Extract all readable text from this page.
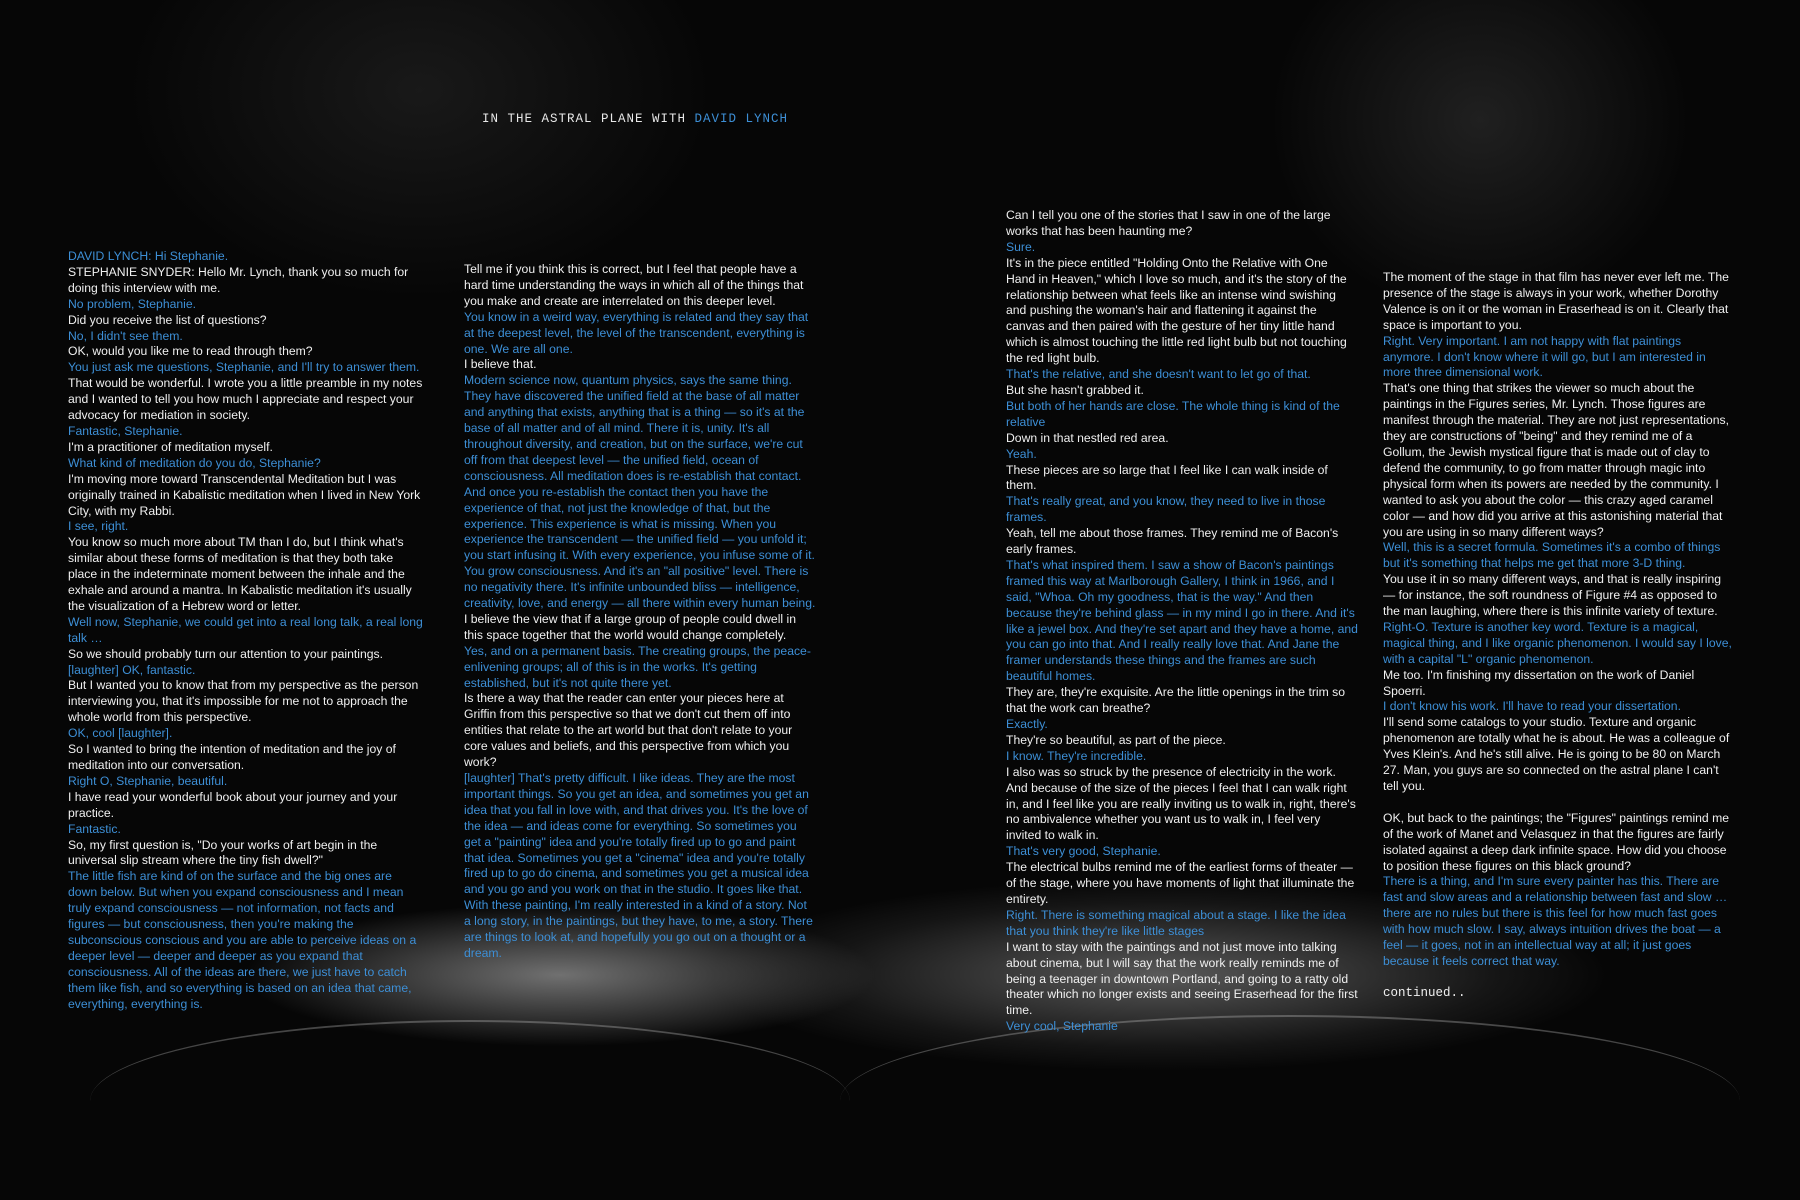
IN THE ASTRAL PLANE WITH DAVID LYNCH

DAVID LYNCH: Hi Stephanie.

STEPHANIE SNYDER: Hello Mr. Lynch, thank you so much for doing this interview with me.

No problem, Stephanie.

Did you receive the list of questions?

No, I didn't see them.

OK, would you like me to read through them?

You just ask me questions, Stephanie, and I'll try to answer them.

That would be wonderful. I wrote you a little preamble in my notes and I wanted to tell you how much I appreciate and respect your advocacy for mediation in society.

Fantastic, Stephanie.

I'm a practitioner of meditation myself.

What kind of meditation do you do, Stephanie?

I'm moving more toward Transcendental Meditation but I was originally trained in Kabalistic meditation when I lived in New York City, with my Rabbi.

I see, right.

You know so much more about TM than I do, but I think what's similar about these forms of meditation is that they both take place in the indeterminate moment between the inhale and the exhale and around a mantra. In Kabalistic meditation it's usually the visualization of a Hebrew word or letter.

Well now, Stephanie, we could get into a real long talk, a real long talk …

So we should probably turn our attention to your paintings.

[laughter] OK, fantastic.

But I wanted you to know that from my perspective as the person interviewing you, that it's impossible for me not to approach the whole world from this perspective.

OK, cool [laughter].

So I wanted to bring the intention of meditation and the joy of meditation into our conversation.

Right O, Stephanie, beautiful.

I have read your wonderful book about your journey and your practice.

Fantastic.

So, my first question is, "Do your works of art begin in the universal slip stream where the tiny fish dwell?"

The little fish are kind of on the surface and the big ones are down below. But when you expand consciousness and I mean truly expand consciousness — not information, not facts and figures — but consciousness, then you're making the subconscious conscious and you are able to perceive ideas on a deeper level — deeper and deeper as you expand that consciousness. All of the ideas are there, we just have to catch them like fish, and so everything is based on an idea that came, everything, everything is.

Tell me if you think this is correct, but I feel that people have a hard time understanding the ways in which all of the things that you make and create are interrelated on this deeper level.

You know in a weird way, everything is related and they say that at the deepest level, the level of the transcendent, everything is one. We are all one.

I believe that.

Modern science now, quantum physics, says the same thing. They have discovered the unified field at the base of all matter and anything that exists, anything that is a thing — so it's at the base of all matter and of all mind. There it is, unity. It's all throughout diversity, and creation, but on the surface, we're cut off from that deepest level — the unified field, ocean of consciousness. All meditation does is re-establish that contact. And once you re-establish the contact then you have the experience of that, not just the knowledge of that, but the experience. This experience is what is missing. When you experience the transcendent — the unified field — you unfold it; you start infusing it. With every experience, you infuse some of it. You grow consciousness. And it's an "all positive" level. There is no negativity there. It's infinite unbounded bliss — intelligence, creativity, love, and energy — all there within every human being.

I believe the view that if a large group of people could dwell in this space together that the world would change completely.

Yes, and on a permanent basis. The creating groups, the peace-enlivening groups; all of this is in the works. It's getting established, but it's not quite there yet.

Is there a way that the reader can enter your pieces here at Griffin from this perspective so that we don't cut them off into entities that relate to the art world but that don't relate to your core values and beliefs, and this perspective from which you work?

[laughter] That's pretty difficult. I like ideas. They are the most important things. So you get an idea, and sometimes you get an idea that you fall in love with, and that drives you. It's the love of the idea — and ideas come for everything. So sometimes you get a "painting" idea and you're totally fired up to go and paint that idea. Sometimes you get a "cinema" idea and you're totally fired up to go do cinema, and sometimes you get a musical idea and you go and you work on that in the studio. It goes like that. With these painting, I'm really interested in a kind of a story. Not a long story, in the paintings, but they have, to me, a story. There are things to look at, and hopefully you go out on a thought or a dream.

Can I tell you one of the stories that I saw in one of the large works that has been haunting me?

Sure.

It's in the piece entitled "Holding Onto the Relative with One Hand in Heaven," which I love so much, and it's the story of the relationship between what feels like an intense wind swishing and pushing the woman's hair and flattening it against the canvas and then paired with the gesture of her tiny little hand which is almost touching the little red light bulb but not touching the red light bulb.

That's the relative, and she doesn't want to let go of that.

But she hasn't grabbed it.

But both of her hands are close. The whole thing is kind of the relative

Down in that nestled red area.

Yeah.

These pieces are so large that I feel like I can walk inside of them.

That's really great, and you know, they need to live in those frames.

Yeah, tell me about those frames. They remind me of Bacon's early frames.

That's what inspired them. I saw a show of Bacon's paintings framed this way at Marlborough Gallery, I think in 1966, and I said, "Whoa. Oh my goodness, that is the way." And then because they're behind glass — in my mind I go in there. And it's like a jewel box. And they're set apart and they have a home, and you can go into that. And I really really love that. And Jane the framer understands these things and the frames are such beautiful homes.

They are, they're exquisite. Are the little openings in the trim so that the work can breathe?

Exactly.

They're so beautiful, as part of the piece.

I know. They're incredible.

I also was so struck by the presence of electricity in the work. And because of the size of the pieces I feel that I can walk right in, and I feel like you are really inviting us to walk in, right, there's no ambivalence whether you want us to walk in, I feel very invited to walk in.

That's very good, Stephanie.

The electrical bulbs remind me of the earliest forms of theater — of the stage, where you have moments of light that illuminate the entirety.

Right. There is something magical about a stage. I like the idea that you think they're like little stages

I want to stay with the paintings and not just move into talking about cinema, but I will say that the work really reminds me of being a teenager in downtown Portland, and going to a ratty old theater which no longer exists and seeing Eraserhead for the first time.

Very cool, Stephanie

The moment of the stage in that film has never ever left me. The presence of the stage is always in your work, whether Dorothy Valence is on it or the woman in Eraserhead is on it. Clearly that space is important to you.

Right. Very important. I am not happy with flat paintings anymore. I don't know where it will go, but I am interested in more three dimensional work.

That's one thing that strikes the viewer so much about the paintings in the Figures series, Mr. Lynch. Those figures are manifest through the material. They are not just representations, they are constructions of "being" and they remind me of a Gollum, the Jewish mystical figure that is made out of clay to defend the community, to go from matter through magic into physical form when its powers are needed by the community. I wanted to ask you about the color — this crazy aged caramel color — and how did you arrive at this astonishing material that you are using in so many different ways?

Well, this is a secret formula. Sometimes it's a combo of things but it's something that helps me get that more 3-D thing.

You use it in so many different ways, and that is really inspiring — for instance, the soft roundness of Figure #4 as opposed to the man laughing, where there is this infinite variety of texture.

Right-O. Texture is another key word. Texture is a magical, magical thing, and I like organic phenomenon. I would say I love, with a capital "L" organic phenomenon.

Me too. I'm finishing my dissertation on the work of Daniel Spoerri.

I don't know his work. I'll have to read your dissertation.

I'll send some catalogs to your studio. Texture and organic phenomenon are totally what he is about. He was a colleague of Yves Klein's. And he's still alive. He is going to be 80 on March 27. Man, you guys are so connected on the astral plane I can't tell you.

OK, but back to the paintings; the "Figures" paintings remind me of the work of Manet and Velasquez in that the figures are fairly isolated against a deep dark infinite space. How did you choose to position these figures on this black ground?

There is a thing, and I'm sure every painter has this. There are fast and slow areas and a relationship between fast and slow … there are no rules but there is this feel for how much fast goes with how much slow. I say, always intuition drives the boat — a feel — it goes, not in an intellectual way at all; it just goes because it feels correct that way.

continued..
